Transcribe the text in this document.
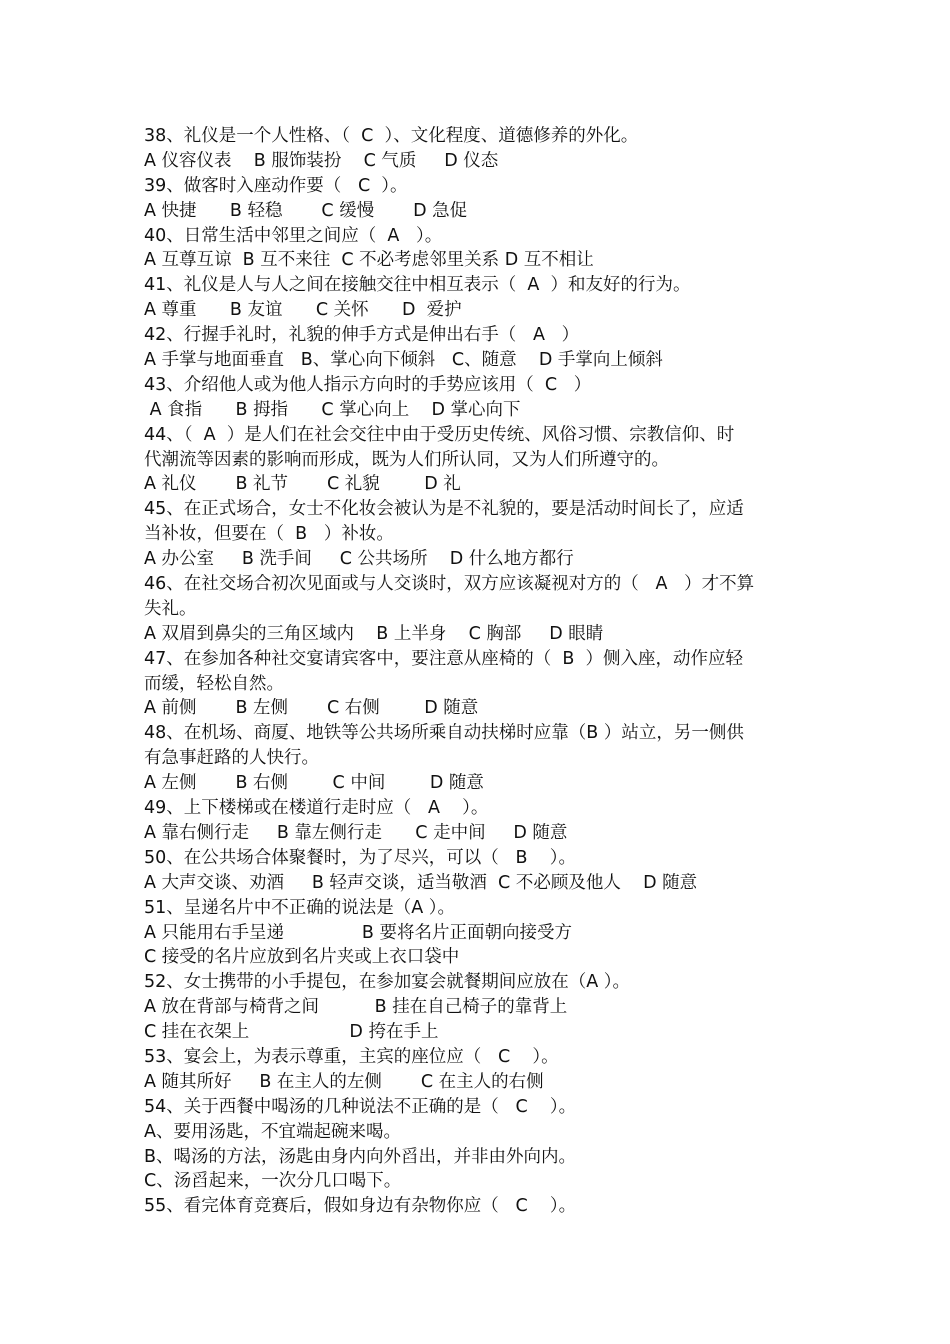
38、礼仪是一个人性格、（  C  ）、文化程度、道德修养的外化。
A 仪容仪表    B 服饰装扮    C 气质     D 仪态
39、做客时入座动作要（   C  ）。
A 快捷      B 轻稳       C 缓慢       D 急促
40、日常生活中邻里之间应（  A   ）。
A 互尊互谅  B 互不来往  C 不必考虑邻里关系 D 互不相让
41、礼仪是人与人之间在接触交往中相互表示（  A  ）和友好的行为。
A 尊重      B 友谊      C 关怀      D  爱护
42、行握手礼时，礼貌的伸手方式是伸出右手（   A   ）
A 手掌与地面垂直   B、掌心向下倾斜   C、随意    D 手掌向上倾斜
43、介绍他人或为他人指示方向时的手势应该用（  C   ）
A 食指      B 拇指      C 掌心向上    D 掌心向下
44、（  A  ）是人们在社会交往中由于受历史传统、风俗习惯、宗教信仰、时
代潮流等因素的影响而形成，既为人们所认同，又为人们所遵守的。
A 礼仪       B 礼节       C 礼貌        D 礼
45、在正式场合，女士不化妆会被认为是不礼貌的，要是活动时间长了，应适
当补妆，但要在（  B   ）补妆。
A 办公室     B 洗手间     C 公共场所    D 什么地方都行
46、在社交场合初次见面或与人交谈时，双方应该凝视对方的（   A   ）才不算
失礼。
A 双眉到鼻尖的三角区域内    B 上半身    C 胸部     D 眼睛
47、在参加各种社交宴请宾客中，要注意从座椅的（  B  ）侧入座，动作应轻
而缓，轻松自然。
A 前侧       B 左侧       C 右侧        D 随意
48、在机场、商厦、地铁等公共场所乘自动扶梯时应靠（B ）站立，另一侧供
有急事赶路的人快行。
A 左侧       B 右侧        C 中间        D 随意
49、上下楼梯或在楼道行走时应（   A    ）。
A 靠右侧行走     B 靠左侧行走      C 走中间     D 随意
50、在公共场合体聚餐时，为了尽兴，可以（   B    ）。
A 大声交谈、劝酒     B 轻声交谈，适当敬酒  C 不必顾及他人    D 随意
51、呈递名片中不正确的说法是（A ）。
A 只能用右手呈递              B 要将名片正面朝向接受方
C 接受的名片应放到名片夹或上衣口袋中
52、女士携带的小手提包，在参加宴会就餐期间应放在（A ）。
A 放在背部与椅背之间          B 挂在自己椅子的靠背上
C 挂在衣架上                  D 挎在手上
53、宴会上，为表示尊重，主宾的座位应（   C    ）。
A 随其所好     B 在主人的左侧       C 在主人的右侧
54、关于西餐中喝汤的几种说法不正确的是（   C    ）。
A、要用汤匙，不宜端起碗来喝。
B、喝汤的方法，汤匙由身内向外舀出，并非由外向内。
C、汤舀起来，一次分几口喝下。
55、看完体育竞赛后，假如身边有杂物你应（   C    ）。
